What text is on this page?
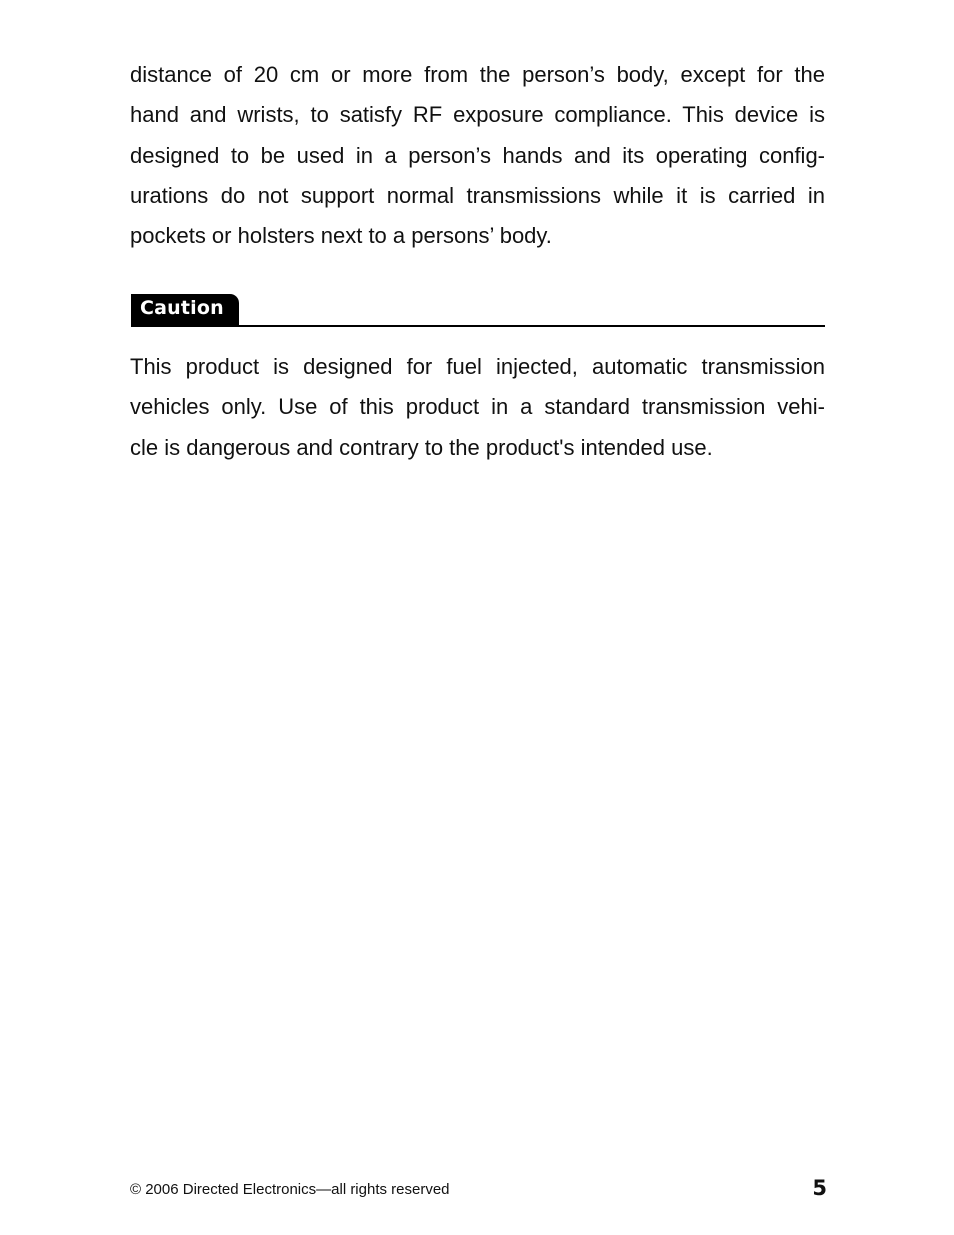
distance of 20 cm or more from the person’s body, except for the
hand and wrists, to satisfy RF exposure compliance. This device is
designed to be used in a person’s hands and its operating config-
urations do not support normal transmissions while it is carried in
pockets or holsters next to a persons’ body.
Caution
This product is designed for fuel injected, automatic transmission
vehicles only. Use of this product in a standard transmission vehi-
cle is dangerous and contrary to the product's intended use.
© 2006 Directed Electronics—all rights reserved	5
